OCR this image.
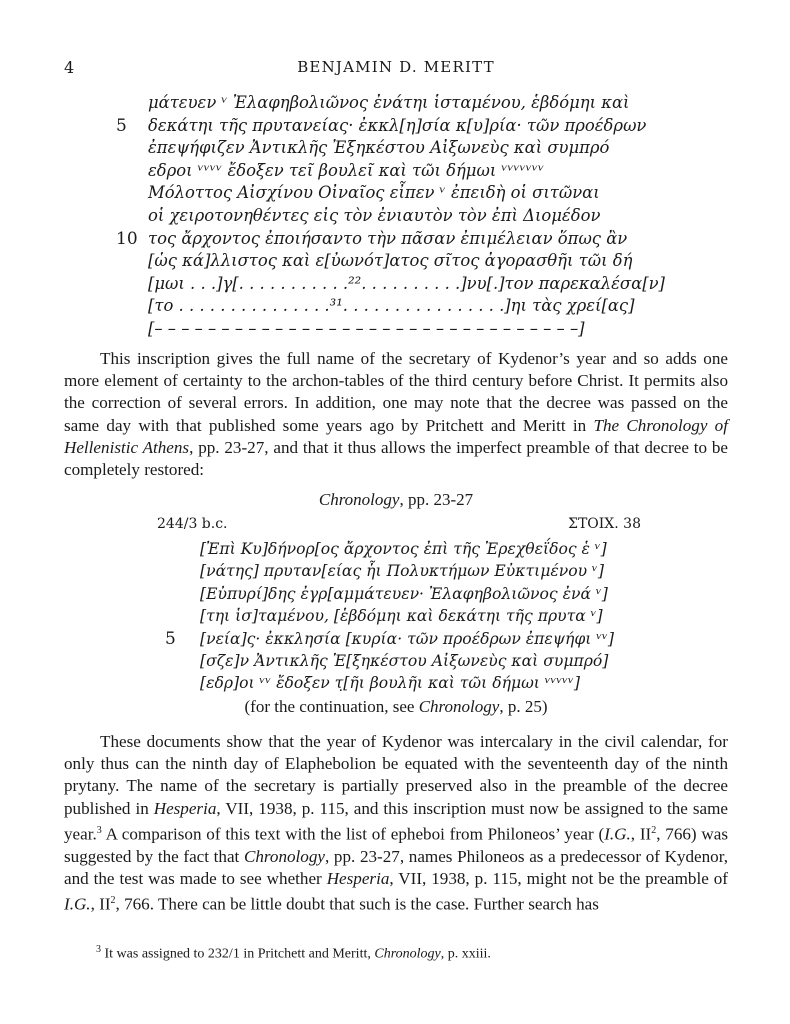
4	BENJAMIN D. MERITT
μάτευεν ᵛ Ἐλαφηβολιῶνος ἐνάτηι ἱσταμένου, ἑβδόμηι καὶ
5 δεκάτηι τῆς πρυτανείας· ἐκκλ[η]σία κ[υ]ρία· τῶν προέδρων
ἐπεψήφιζεν Ἀντικλῆς Ἐξηκέστου Αἰξωνεὺς καὶ συμπρό
εδροι ᵛᵛᵛᵛ ἔδοξεν τεῖ βουλεῖ καὶ τῶι δήμωι ᵛᵛᵛᵛᵛᵛᵛ
Μόλοττος Αἰσχίνου Οἰναῖος εἶπεν ᵛ ἐπειδὴ οἱ σιτῶναι
οἱ χειροτονηθέντες εἰς τὸν ἐνιαυτὸν τὸν ἐπὶ Διομέδον
10 τος ἄρχοντος ἐποιήσαντο τὴν πᾶσαν ἐπιμέλειαν ὅπως ἂν
[ὡς κά]λλιστος καὶ ε[ὐωνότ]ατος σῖτος ἀγορασθῆι τῶι δή
[μωι . . .]γ[. . . . . . . . . . .²². . . . . . . . . .]νυ[.]τον παρεκαλέσα[ν]
[το . . . . . . . . . . . . . . .³¹. . . . . . . . . . . . . . . .]ηι τὰς χρεί[ας]
[– – – – – – – – – – – – – – – – – – – – – – – – – – – – – – – –]

This inscription gives the full name of the secretary of Kydenor’s year and so adds one more element of certainty to the archon-tables of the third century before Christ. It permits also the correction of several errors. In addition, one may note that the decree was passed on the same day with that published some years ago by Pritchett and Meritt in The Chronology of Hellenistic Athens, pp. 23-27, and that it thus allows the imperfect preamble of that decree to be completely restored:

Chronology, pp. 23-27
244/3 b.c.	ΣΤΟΙΧ. 38
[Ἐπὶ Κυ]δήνορ[ος ἄρχοντος ἐπὶ τῆς Ἐρεχθεΐδος ἑ ᵛ]
[νάτης] πρυταν[είας ἧι Πολυκτήμων Εὐκτιμένου ᵛ]
[Εὐπυρί]δης ἐγρ[αμμάτευεν· Ἐλαφηβολιῶνος ἐνά ᵛ]
[τηι ἱσ]ταμένου, [ἑβδόμηι καὶ δεκάτηι τῆς πρυτα ᵛ]
5 [νεία]ς· ἐκκλησία [κυρία· τῶν προέδρων ἐπεψήφι ᵛᵛ]
[σζε]ν Ἀντικλῆς Ἐ[ξηκέστου Αἰξωνεὺς καὶ συμπρό]
[εδρ]οι ᵛᵛ ἔδοξεν τ̣[ῆι βουλῆι καὶ τῶι δήμωι ᵛᵛᵛᵛᵛ]
(for the continuation, see Chronology, p. 25)

These documents show that the year of Kydenor was intercalary in the civil calendar, for only thus can the ninth day of Elaphebolion be equated with the seventeenth day of the ninth prytany. The name of the secretary is partially preserved also in the preamble of the decree published in Hesperia, VII, 1938, p. 115, and this inscription must now be assigned to the same year.$^3$ A comparison of this text with the list of epheboi from Philoneos’ year (I.G., $II^2$, 766) was suggested by the fact that Chronology, pp. 23-27, names Philoneos as a predecessor of Kydenor, and the test was made to see whether Hesperia, VII, 1938, p. 115, might not be the preamble of I.G., $II^2$, 766. There can be little doubt that such is the case. Further search has

$^3$ It was assigned to 232/1 in Pritchett and Meritt, Chronology, p. xxiii.
